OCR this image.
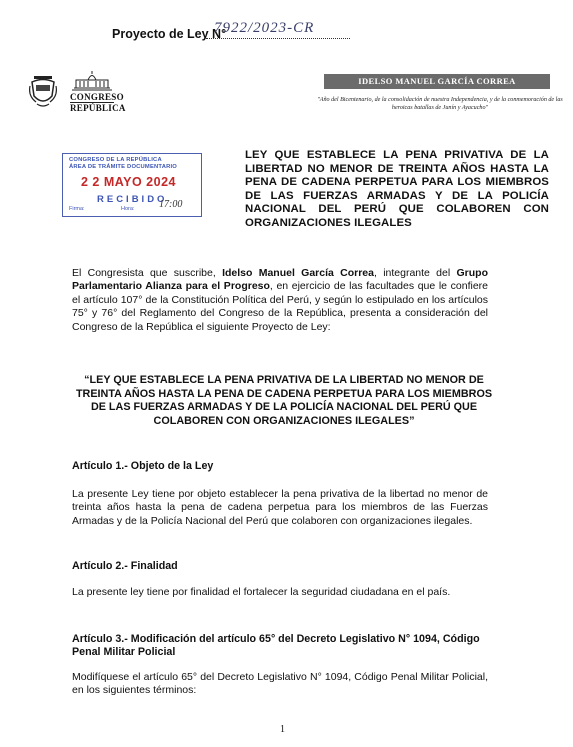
Proyecto de Ley N°
7922/2023-CR
CONGRESO
REPÚBLICA
IDELSO MANUEL GARCÍA CORREA
"Año del Bicentenario, de la consolidación de nuestra Independencia, y de la conmemoración de las heroicas batallas de Junín y Ayacucho"
CONGRESO DE LA REPÚBLICA
ÁREA DE TRÁMITE DOCUMENTARIO
2 2 MAYO 2024
RECIBIDO
Firma:	Hora: 17:00
LEY QUE ESTABLECE LA PENA PRIVATIVA DE LA LIBERTAD NO MENOR DE TREINTA AÑOS HASTA LA PENA DE CADENA PERPETUA PARA LOS MIEMBROS DE LAS FUERZAS ARMADAS Y DE LA POLICÍA NACIONAL DEL PERÚ QUE COLABOREN CON ORGANIZACIONES ILEGALES
El Congresista que suscribe, Idelso Manuel García Correa, integrante del Grupo Parlamentario Alianza para el Progreso, en ejercicio de las facultades que le confiere el artículo 107° de la Constitución Política del Perú, y según lo estipulado en los artículos 75° y 76° del Reglamento del Congreso de la República, presenta a consideración del Congreso de la República el siguiente Proyecto de Ley:
“LEY QUE ESTABLECE LA PENA PRIVATIVA DE LA LIBERTAD NO MENOR DE TREINTA AÑOS HASTA LA PENA DE CADENA PERPETUA PARA LOS MIEMBROS DE LAS FUERZAS ARMADAS Y DE LA POLICÍA NACIONAL DEL PERÚ QUE COLABOREN CON ORGANIZACIONES ILEGALES”
Artículo 1.- Objeto de la Ley
La presente Ley tiene por objeto establecer la pena privativa de la libertad no menor de treinta años hasta la pena de cadena perpetua para los miembros de las Fuerzas Armadas y de la Policía Nacional del Perú que colaboren con organizaciones ilegales.
Artículo 2.- Finalidad
La presente ley tiene por finalidad el fortalecer la seguridad ciudadana en el país.
Artículo 3.- Modificación del artículo 65° del Decreto Legislativo N° 1094, Código Penal Militar Policial
Modifíquese el artículo 65° del Decreto Legislativo N° 1094, Código Penal Militar Policial, en los siguientes términos:
1
